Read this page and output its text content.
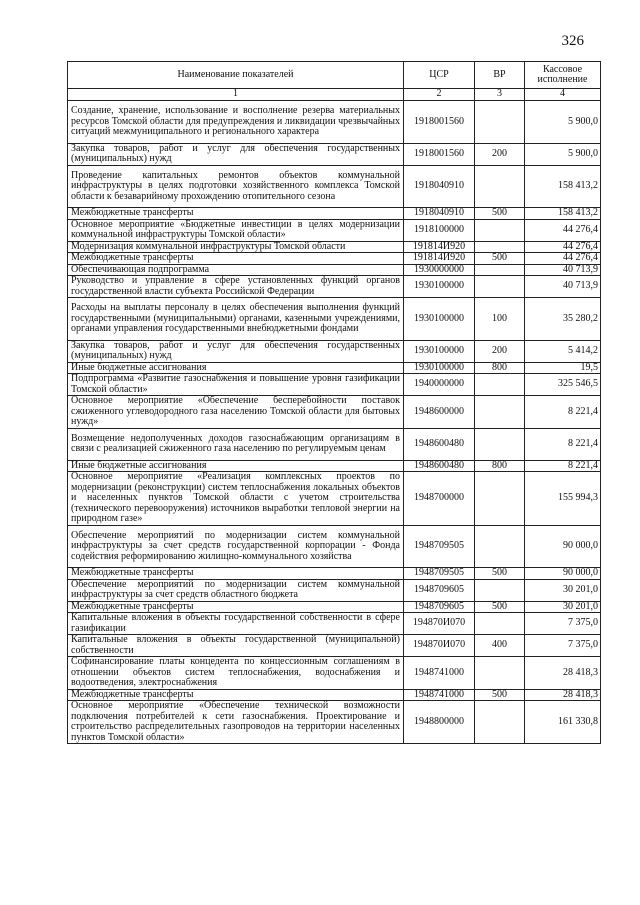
326
Наименование показателей	ЦСР	ВР	Кассовое исполнение
1	2	3	4
Создание, хранение, использование и восполнение резерва материальных ресурсов Томской области для предупреждения и ликвидации чрезвычайных ситуаций межмуниципального и регионального характера	1918001560		5 900,0
Закупка товаров, работ и услуг для обеспечения государственных (муниципальных) нужд	1918001560	200	5 900,0
Проведение капитальных ремонтов объектов коммунальной инфраструктуры в целях подготовки хозяйственного комплекса Томской области к безаварийному прохождению отопительного сезона	1918040910		158 413,2
Межбюджетные трансферты	1918040910	500	158 413,2
Основное мероприятие «Бюджетные инвестиции в целях модернизации коммунальной инфраструктуры Томской области»	1918100000		44 276,4
Модернизация коммунальной инфраструктуры Томской области	191814И920		44 276,4
Межбюджетные трансферты	191814И920	500	44 276,4
Обеспечивающая подпрограмма	1930000000		40 713,9
Руководство и управление в сфере установленных функций органов государственной власти субъекта Российской Федерации	1930100000		40 713,9
Расходы на выплаты персоналу в целях обеспечения выполнения функций государственными (муниципальными) органами, казенными учреждениями, органами управления государственными внебюджетными фондами	1930100000	100	35 280,2
Закупка товаров, работ и услуг для обеспечения государственных (муниципальных) нужд	1930100000	200	5 414,2
Иные бюджетные ассигнования	1930100000	800	19,5
Подпрограмма «Развитие газоснабжения и повышение уровня газификации Томской области»	1940000000		325 546,5
Основное мероприятие «Обеспечение бесперебойности поставок сжиженного углеводородного газа населению Томской области для бытовых нужд»	1948600000		8 221,4
Возмещение недополученных доходов газоснабжающим организациям в связи с реализацией сжиженного газа населению по регулируемым ценам	1948600480		8 221,4
Иные бюджетные ассигнования	1948600480	800	8 221,4
Основное мероприятие «Реализация комплексных проектов по модернизации (реконструкции) систем теплоснабжения локальных объектов и населенных пунктов Томской области с учетом строительства (технического перевооружения) источников выработки тепловой энергии на природном газе»	1948700000		155 994,3
Обеспечение мероприятий по модернизации систем коммунальной инфраструктуры за счет средств государственной корпорации - Фонда содействия реформированию жилищно-коммунального хозяйства	1948709505		90 000,0
Межбюджетные трансферты	1948709505	500	90 000,0
Обеспечение мероприятий по модернизации систем коммунальной инфраструктуры за счет средств областного бюджета	1948709605		30 201,0
Межбюджетные трансферты	1948709605	500	30 201,0
Капитальные вложения в объекты государственной собственности в сфере газификации	194870И070		7 375,0
Капитальные вложения в объекты государственной (муниципальной) собственности	194870И070	400	7 375,0
Софинансирование платы концедента по концессионным соглашениям в отношении объектов систем теплоснабжения, водоснабжения и водоотведения, электроснабжения	1948741000		28 418,3
Межбюджетные трансферты	1948741000	500	28 418,3
Основное мероприятие «Обеспечение технической возможности подключения потребителей к сети газоснабжения. Проектирование и строительство распределительных газопроводов на территории населенных пунктов Томской области»	1948800000		161 330,8
